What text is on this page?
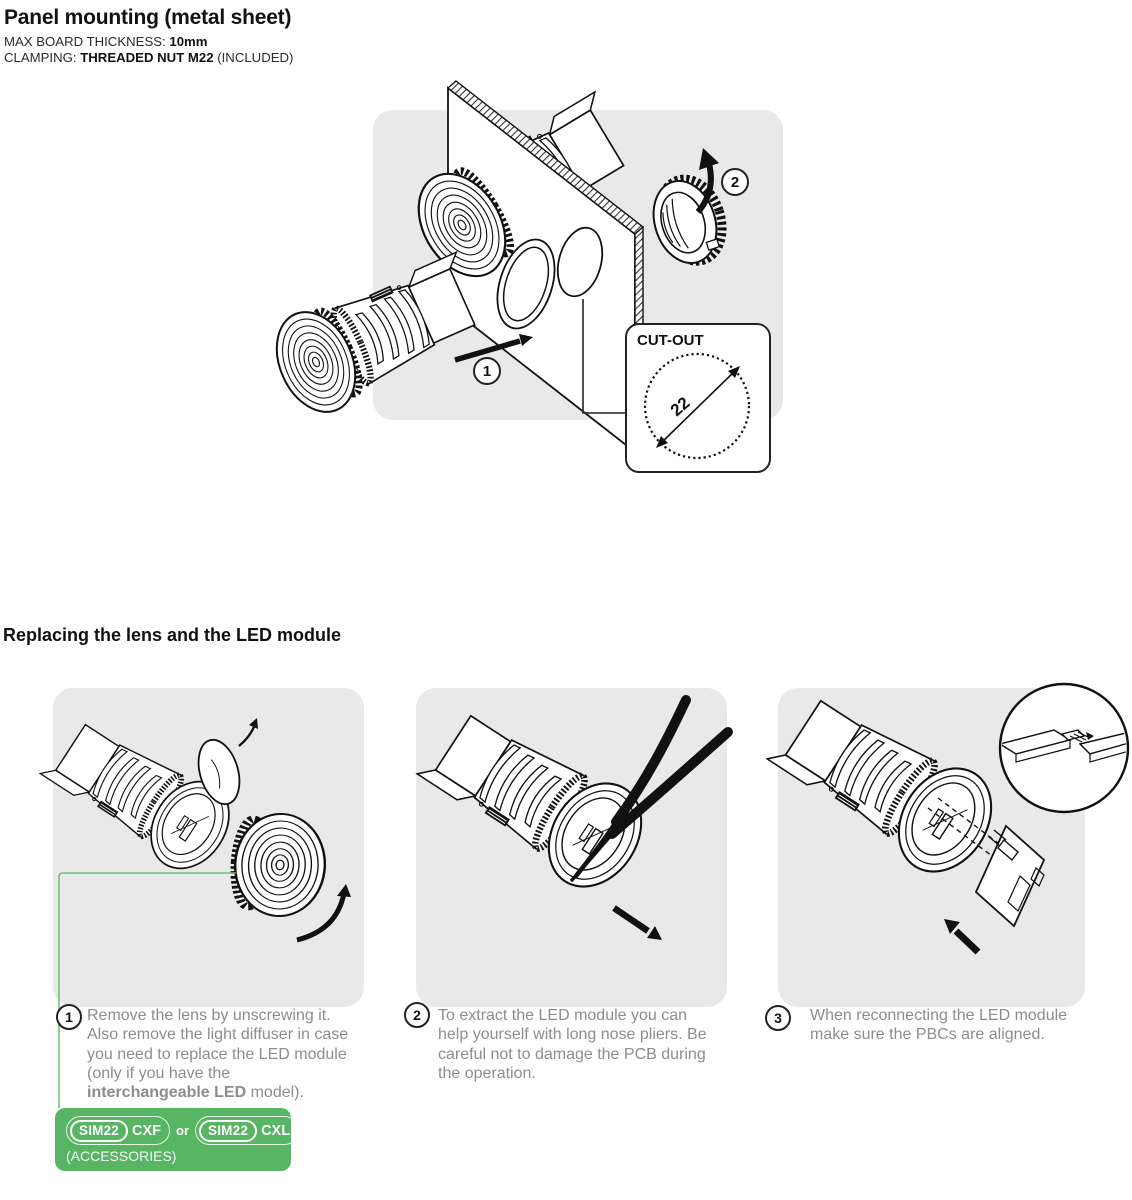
Panel mounting (metal sheet)
MAX BOARD THICKNESS: 10mm
CLAMPING: THREADED NUT M22 (INCLUDED)
1
2
CUT-OUT
22
Replacing the lens and the LED module
1 Remove the lens by unscrewing it. Also remove the light diffuser in case you need to replace the LED module (only if you have the interchangeable LED model).
2 To extract the LED module you can help yourself with long nose pliers. Be careful not to damage the PCB during the operation.
3 When reconnecting the LED module make sure the PBCs are aligned.
SIM22 CXF or	SIM22 CXL
(ACCESSORIES)
